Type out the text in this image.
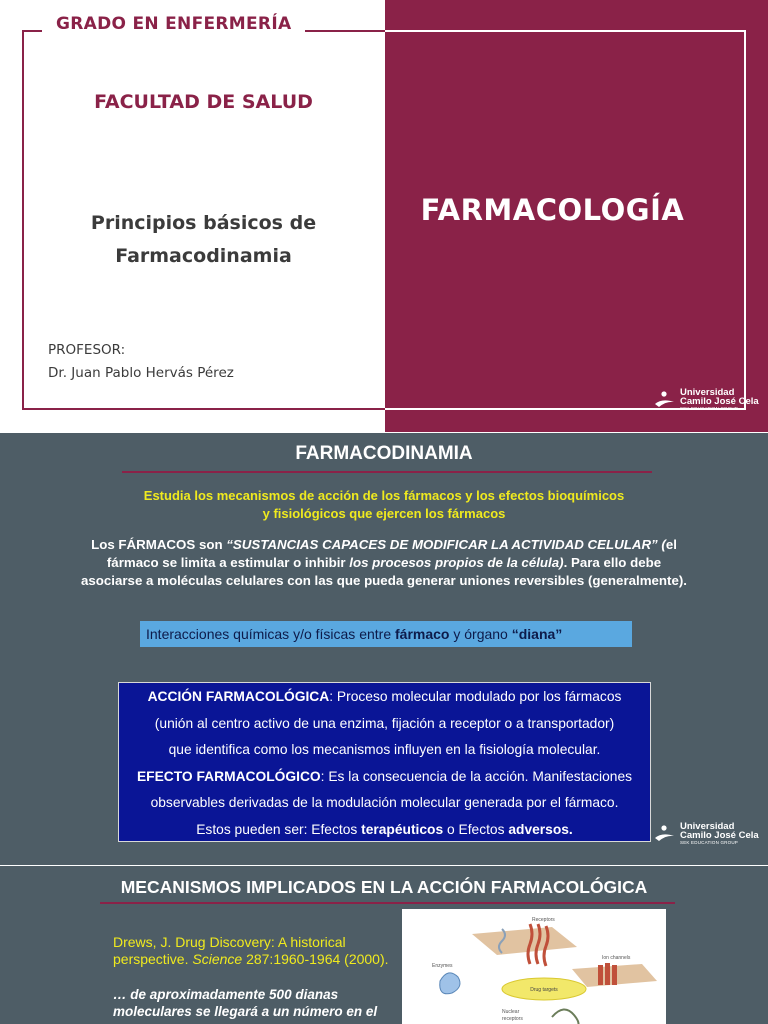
GRADO EN ENFERMERÍA
FACULTAD DE SALUD
Principios básicos de
Farmacodinamia
PROFESOR:
Dr. Juan Pablo Hervás Pérez
FARMACOLOGÍA
Universidad
Camilo José Cela
SEK EDUCATION GROUP
FARMACODINAMIA
Estudia los mecanismos de acción de los fármacos y los efectos bioquímicos
y fisiológicos que ejercen los fármacos
Los FÁRMACOS son “SUSTANCIAS CAPACES DE MODIFICAR LA ACTIVIDAD CELULAR” (el
fármaco se limita a estimular o inhibir los procesos propios de la célula). Para ello debe
asociarse a moléculas celulares con las que pueda generar uniones reversibles (generalmente).
Interacciones químicas y/o físicas entre fármaco y órgano “diana”
ACCIÓN FARMACOLÓGICA: Proceso molecular modulado por los fármacos
(unión al centro activo de una enzima, fijación a receptor o a transportador)
que identifica como los mecanismos influyen en la fisiología molecular.
EFECTO FARMACOLÓGICO: Es la consecuencia de la acción. Manifestaciones
observables derivadas de la modulación molecular generada por el fármaco.
Estos pueden ser: Efectos terapéuticos o Efectos adversos.	Universidad
Camilo José Cela
SEK EDUCATION GROUP
MECANISMOS IMPLICADOS EN LA ACCIÓN FARMACOLÓGICA
Drews, J. Drug Discovery: A historical
perspective. Science 287:1960-1964 (2000).
… de aproximadamente 500 dianas
moleculares se llegará a un número en el
Drug targets
Receptors
Enzymes
Ion channels
Nuclear
receptors
